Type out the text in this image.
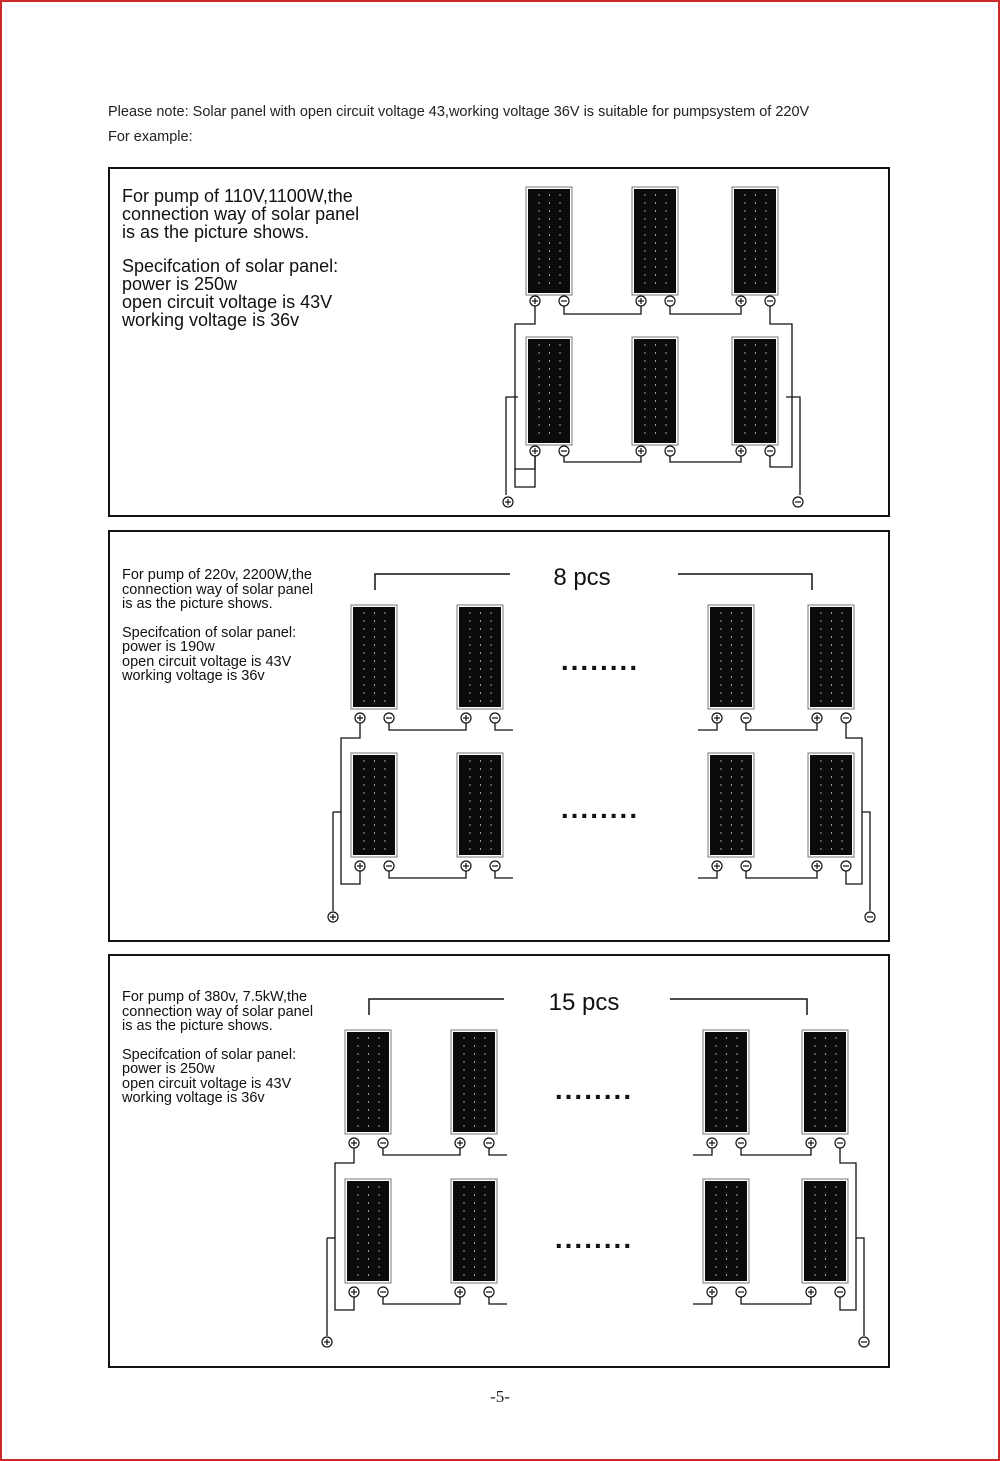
Please note: Solar panel with open circuit voltage 43,working voltage 36V is suitable for pumpsystem of 220V
For example:

For pump of 110V,1100W,the

connection way of solar panel

is as the picture shows.

Specifcation of solar panel:

power is 250w

open circuit voltage is 43V

working voltage is 36v

For pump of 220v, 2200W,the

connection way of solar panel

is as the picture shows.

Specifcation of solar panel:

power is 190w

open circuit voltage is 43V

working voltage is 36v

8 pcs
........
........

For pump of 380v, 7.5kW,the

connection way of solar panel

is as the picture shows.

Specifcation of solar panel:

power is 250w

open circuit voltage is 43V

working voltage is 36v

15 pcs
........
........
-5-
